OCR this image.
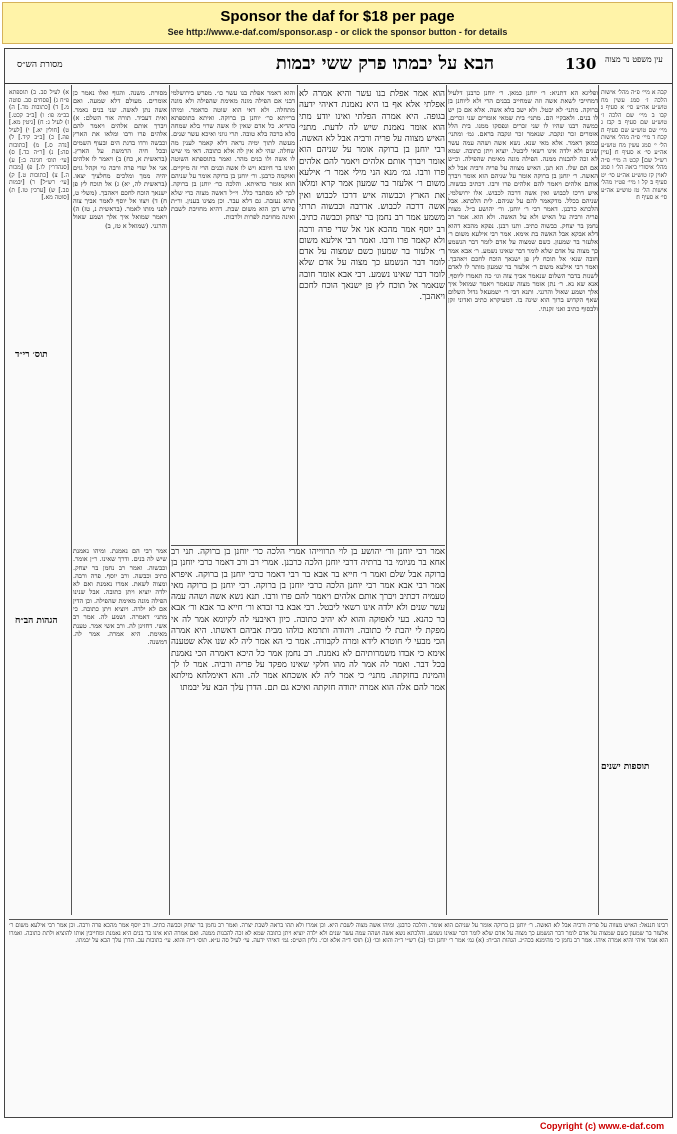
Sponsor the daf for $18 per page
See http://www.e-daf.com/sponsor.asp - or click the sponsor button - for details
עין משפט נר מצוה
130
הבא על יבמתו פרק ששי יבמות
מסורת הש״ס
קבה א מיי׳ פ״ה מהל׳ אישות הלכה ז׳ סמג עשין מח טוש״ע אה״ע סי׳ א סעיף ג׃ קבו ב מיי׳ שם הלכה ז׳ טוש״ע שם סעיף ב׃ קבז ג מיי׳ שם טוש״ע שם סעיף ה׃ קכח ד מיי׳ פ״ה מהל׳ אישות הל׳ י׳ סמג עשין מח טוש״ע אה״ע סי׳ א סעיף ח׃ [עיין רש״ל שם] קכט ה מיי׳ פ״ה מהל׳ איסורי ביאה הל׳ ו סמג לאוין קז טוש״ע אה״ע סי׳ יט סעיף ב׃ קל ו מיי׳ פט״ו מהל׳ אישות הל׳ טז טוש״ע אה״ע סי׳ א סעיף ח׃
ופליגא הא דתניא: ר׳ יוחנן כמאן. ר׳ יוחנן כרבנן דלעיל דמחייבי לשאת אשה וזה שמחייב בבנים הרי ולא ליוחנן בן ברוקה. מתני׳ לא יבטל. ולא ישב בלא אשה. אלא אם כן יש לו בנים. ולאבקיי הם. מתני׳ בית שמאי אומרים שני זכרים. כמשה רבנו שהיו לו שני זכרים ונפסקו ממנו. בית הלל אומרים זכר ונקבה. שנאמר זכר ונקבה בראם. גמ׳ ומתני׳ כמאן דאמר. אלא מאי שנא. נשא אשה ושהה עמה עשר שנים ולא ילדה אינו רשאי ליבטל. יוציא ויתן כתובה. שמא לא זכה להבנות ממנה. הפילה מונה מאימת שהפילה. וכ״ש אם הם שלו. הא תנן. האיש מצווה על פריה ורביה אבל לא האשה. ר׳ יוחנן בן ברוקה אומר על שניהם הוא אומר ויברך אותם אלהים ויאמר להם אלהים פרו ורבו. דכתיב כבשוה. איש דרכו לכבוש ואין אשה דרכה לכבוש. אלו ירושלמי. שניהם בכלל. מדקאמר להם על שניהם. לית הלכתא. אבל הלכתא כרבנן. דאמר רבי ר׳ יוחנן. ור׳ יהושע ב״ל. מצות פריה ורביה על האיש ולא על האשה. ולא הוא. אמר רב נחמן בר יצחק. כבשוה כתיב. ותנו רבנן. נפקא מהכא דהוא דלא אבקא אבל האשה בת אימא. אמר רבי אילעא משום ר׳ אלעזר בר שמעון. כשם שמצוה על אדם לומר דבר הנשמע כך מצוה על אדם שלא לומר דבר שאינו נשמע. ר׳ אבא אמר חובה שנא׳ אל תוכח לץ פן ישנאך הוכח לחכם ויאהבך. ואמר רבי אילעא משום ר׳ אלעזר בר שמעון מותר לו לאדם לשנות בדבר השלום שנאמר אביך צוה וגו׳ כה תאמרו ליוסף. אנא שא נא. ר׳ נתן אומר מצוה שנאמר ויאמר שמואל איך אלך ושמע שאול והרגני. ותנא דבי ר׳ ישמעאל גדול השלום שאף הקדוש ברוך הוא שינה בו. דמעיקרא כתיב ואדוני זקן ולבסוף כתיב ואני זקנתי.
הוא אמר אפלת בנו עשר והיא אמרה לא אפלתי אלא אף בו היא נאמנת דאיהי ידעה בגופה. היא אמרה הפלתי ואינו יודע מתי הוא אומר נאמנת שיש לה לדעת. מתני׳ האיש מצווה על פריה ורביה אבל לא האשה. רבי יוחנן בן ברוקה אומר על שניהם הוא אומר ויברך אותם אלהים ויאמר להם אלהים פרו ורבו. גמ׳ מנא הני מילי אמר ר׳ אילעא משום ר׳ אלעזר בר שמעון אמר קרא ומלאו את הארץ וכבשוה איש דרכו לכבוש ואין אשה דרכה לכבוש. אדרבה וכבשוה תרתי משמע אמר רב נחמן בר יצחק וכבשה כתיב. רב יוסף אמר מהכא אני אל שדי פרה ורבה ולא קאמר פרו ורבו. ואמר רבי אילעא משום ר׳ אלעזר בר שמעון כשם שמצוה על אדם לומר דבר הנשמע כך מצוה על אדם שלא לומר דבר שאינו נשמע. רבי אבא אומר חובה שנאמר אל תוכח לץ פן ישנאך הוכח לחכם ויאהבך.
והוא דאמר אפלת בנו עשר כו׳. מפרש בירושלמי דבני אם הפילה מונה מאימת שהפילה ולא מונה מתחלה. ולא דאי הוא שוטה כדאמר. ומיהו ברייתא כר׳ יוחנן בן ברוקה. ואיתא בתוספתא בהדיא. כל אדם שאין לו אשה שרוי בלא שמחה בלא ברכה בלא טובה. תרי גווני ואיכא עשר שנים. מעשה לתוך ימיה נראה דלא קאמר לענין מה שחלה. שהי לא אין לה אלא כתובה. דאי מי שיש לו אשה ולו בנים מהר. ואמר בתוספתא השוטה ואינו בר חיובא ויש לו אשה ובנים הרי זה מיקיים. ואוקמה כרבנן. ור׳ יוחנן בן ברוקה אומר על שניהם הוא אומר כדאיתא. והלכה כר׳ יוחנן בן ברוקה. לכך לא מסתבר כלל. וי״ל דאשה מצוה כדי שלא תהא נעזבה. גם דלא עבר. וכן מצינו בענין. ור״ת פירש דכן הוא משום שבת. דהיא מחויבת לשבת ואינה מחויבת לפרות ולרבות.
מסורת. משנה. והגוף ואלו נאמר כן אומרים. מעולם דלא שמעה. ואם אשה נתן לאשה. שני בנים נאמר. ואית דעביד. תורה אור השלם: א) ויברך אותם אלהים ויאמר להם אלהים פרו ורבו ומלאו את הארץ וכבשה ורדו בדגת הים ובעוף השמים ובכל חיה הרמשת על הארץ. (בראשית א, כח) ב) ויאמר לו אלהים אני אל שדי פרה ורבה גוי וקהל גוים יהיה ממך ומלכים מחלציך יצאו. (בראשית לה, יא) ג) אל תוכח לץ פן ישנאך הוכח לחכם ויאהבך. (משלי ט, ח) ד) ויצוו אל יוסף לאמר אביך צוה לפני מותו לאמר. (בראשית נ, טז) ה) ויאמר שמואל איך אלך ושמע שאול והרגני. (שמואל א טז, ב)
א) לעיל סב. ב) תוספתא פ״ח ג) [פסחים סב. סוטה מ.] ד) [כתובות מד.] ה) בב״מ פו: ו) [ב״ב קכט.] ז) לעיל ג: ח) [גיטין מא.] ט) [חולין יא.] י) [לעיל פה.] כ) [ב״ב קיד.] ל) [נדה ס.] מ) [כתובות סה:] נ) [ר״ה כד.] ס) [עי׳ תוס׳ חגיגה ב:] ע) [סנהדרין לו.] פ) [מכות ה.] צ) [כתובות ט.] ק) [עי׳ רש״ל] ר) [יבמות סב.] ש) [ערכין טז.] ת) [סוטה מא.]
אמר רבי יוחנן ור׳ יהושע בן לוי תרווייהו אמרי הלכה כר׳ יוחנן בן ברוקה. תני רב אחא בר מניומי בר ברתיה דרבי יוחנן הלכה כרבנן. אמרי רב ורב דאמר כרבי יוחנן בן ברוקה אבל שלם ואמר ר׳ חייא בר אבא בר רבי דאמר כרבי יוחנן בן ברוקה. איפרא אמר רבי אבא אמר רבי יוחנן הלכה כרבי יוחנן בן ברוקה. רבי יוחנן בן ברוקה מאי טעמיה דכתיב ויברך אותם אלהים ויאמר להם פרו ורבו. תנא נשא אשה ושהה עמה עשר שנים ולא ילדה אינו רשאי ליבטל. רבי אבא בר זבדא ור׳ חייא בר אבא ור׳ אבא בר כהנא. בעי לאפוקה והוא לא יהיב כתובה. כיון דאיבעי לה לקיומא אמר לה אי מפקת לי יהבת לי כתובה. ויהודה ותרמא כולהו מבית אביהם דאשתו. היא אמרה הכי מבעי לי חוטרא לידא ומרה לקבורה. אמר כי הא אמר ליה לא שנו אלא שטענה אימא כי אבדו משמרותיהם לא נאמנת. רב נחמן אמר כל היכא דאמרה הכי נאמנת בכל דבר. ואמר לה אמר לה מהו חלקי שאינו מפקד על פריה ורביה. אמר לו לך והמינת בחזקתה. מתני׳ כי אמר ליה לא אשכחא אמר לה. והא דאימלחא מילתא אמר להם אלה הוא אמרה יהודה חזקתה ואיכא גם תם. הדרן עלך הבא על יבמתו
אמר רבי הם נאמנת. ומיהו נאמנת שיש לה בנים. ודרך שאינו. ר״ן אומר. וכבשוה. ואמר רב נחמן בר יצחק. כתיב וכבשה. ורב יוסף. פרה ורבה. ומצוה לשאת. אמרו נאמנת ואם לא ילדה יוציא ויתן כתובה. אבל שנינו הפילה מונה מאימת שהפילה. וכן הדין אם לא ילדה. ויוציא ויתן כתובה. כי מתני׳ דאמרה. ושמע לה. אמר רב אשי. דחזינן לה. ורב אשי אמר. טענת מאימת. היא אמרה. אמר לה. דמשנה.
רבינו חננאל: האיש מצווה על פריה ורביה אבל לא האשה. ר׳ יוחנן בן ברוקה אומר על שניהם הוא אומר. והלכה כרבנן. ומיהו אשה מצוה לשבת היא. וכן אמרו ולא תהו בראה לשבת יצרה. ואמר רב נחמן בר יצחק וכבשה כתיב. ורב יוסף אמר מהכא פרה ורבה. וכן אמר רבי אילעא משום ר׳ אלעזר בר שמעון כשם שמצוה על אדם לומר דבר הנשמע כך מצוה על אדם שלא לומר דבר שאינו נשמע. והלכתא נשא אשה ושהה עמה עשר שנים ולא ילדה יוציא ויתן כתובה שמא לא זכה להבנות ממנה. ואם אמרה הוא אינו בר בנים היא נאמנת ומחייבין אותו להוציא ולתת כתובה. ואמרו הוא אמר איהי והיא אמרה איהו. אמר רב נחמן כי מהימנא בכה״ג. הגהות הב״ח: (א) גמ׳ אמר ר׳ יוחנן וכו׳ (ב) רש״י ד״ה והוא וכו׳ (ג) תוס׳ ד״ה אלא וכו׳. גליון הש״ס: גמ׳ דאיהי ידעה. עי׳ לעיל סה ע״א. תוס׳ ד״ה והוא. עי׳ כתובות עב. הדרן עלך הבא על יבמתו.
תוספות ישנים
תוס׳ רי״ד
הגהות הב״ח
Copyright (c) www.e-daf.com
